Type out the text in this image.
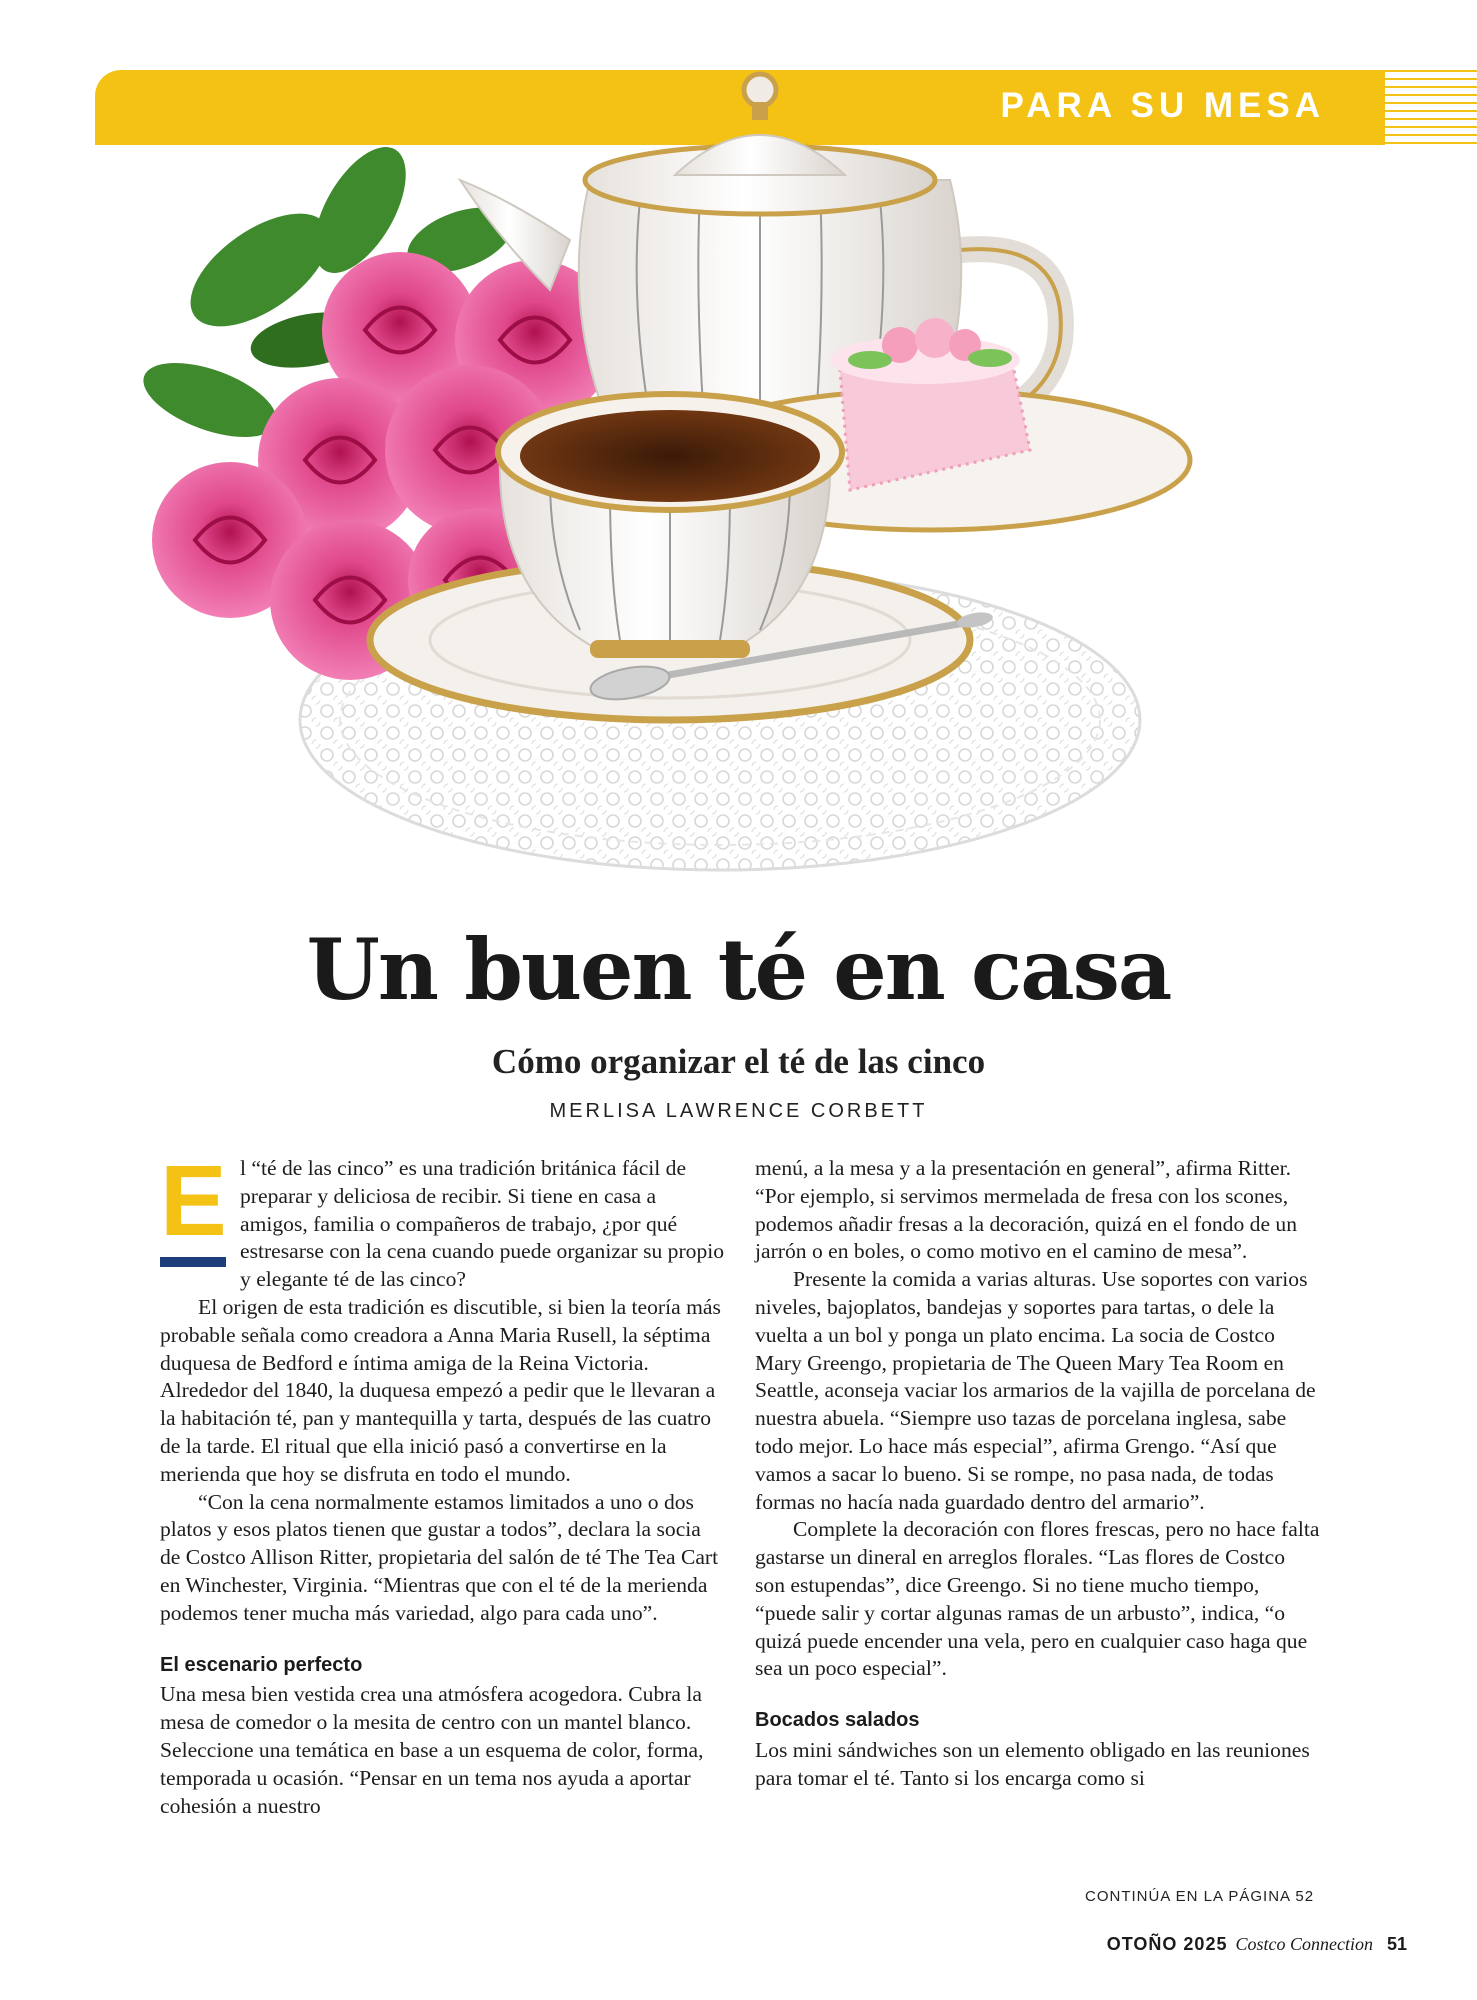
PARA SU MESA
Un buen té en casa
Cómo organizar el té de las cinco
MERLISA LAWRENCE CORBETT
E l “té de las cinco” es una tradición británica fácil de preparar y deliciosa de recibir. Si tiene en casa a amigos, familia o compañeros de trabajo, ¿por qué estresarse con la cena cuando puede organizar su propio y elegante té de las cinco?

El origen de esta tradición es discutible, si bien la teoría más probable señala como creadora a Anna Maria Rusell, la séptima duquesa de Bedford e íntima amiga de la Reina Victoria. Alrededor del 1840, la duquesa empezó a pedir que le llevaran a la habitación té, pan y mantequilla y tarta, después de las cuatro de la tarde. El ritual que ella inició pasó a convertirse en la merienda que hoy se disfruta en todo el mundo.

“Con la cena normalmente estamos limitados a uno o dos platos y esos platos tienen que gustar a todos”, declara la socia de Costco Allison Ritter, propietaria del salón de té The Tea Cart en Winchester, Virginia. “Mientras que con el té de la merienda podemos tener mucha más variedad, algo para cada uno”.

El escenario perfecto

Una mesa bien vestida crea una atmósfera acogedora. Cubra la mesa de comedor o la mesita de centro con un mantel blanco. Seleccione una temática en base a un esquema de color, forma, temporada u ocasión. “Pensar en un tema nos ayuda a aportar cohesión a nuestro

menú, a la mesa y a la presentación en general”, afirma Ritter. “Por ejemplo, si servimos mermelada de fresa con los scones, podemos añadir fresas a la decoración, quizá en el fondo de un jarrón o en boles, o como motivo en el camino de mesa”.

Presente la comida a varias alturas. Use soportes con varios niveles, bajoplatos, bandejas y soportes para tartas, o dele la vuelta a un bol y ponga un plato encima. La socia de Costco Mary Greengo, propietaria de The Queen Mary Tea Room en Seattle, aconseja vaciar los armarios de la vajilla de porcelana de nuestra abuela. “Siempre uso tazas de porcelana inglesa, sabe todo mejor. Lo hace más especial”, afirma Grengo. “Así que vamos a sacar lo bueno. Si se rompe, no pasa nada, de todas formas no hacía nada guardado dentro del armario”.

Complete la decoración con flores frescas, pero no hace falta gastarse un dineral en arreglos florales. “Las flores de Costco son estupendas”, dice Greengo. Si no tiene mucho tiempo, “puede salir y cortar algunas ramas de un arbusto”, indica, “o quizá puede encender una vela, pero en cualquier caso haga que sea un poco especial”.

Bocados salados

Los mini sándwiches son un elemento obligado en las reuniones para tomar el té. Tanto si los encarga como si

CONTINÚA EN LA PÁGINA 52
OTOÑO 2025 Costco Connection 51
